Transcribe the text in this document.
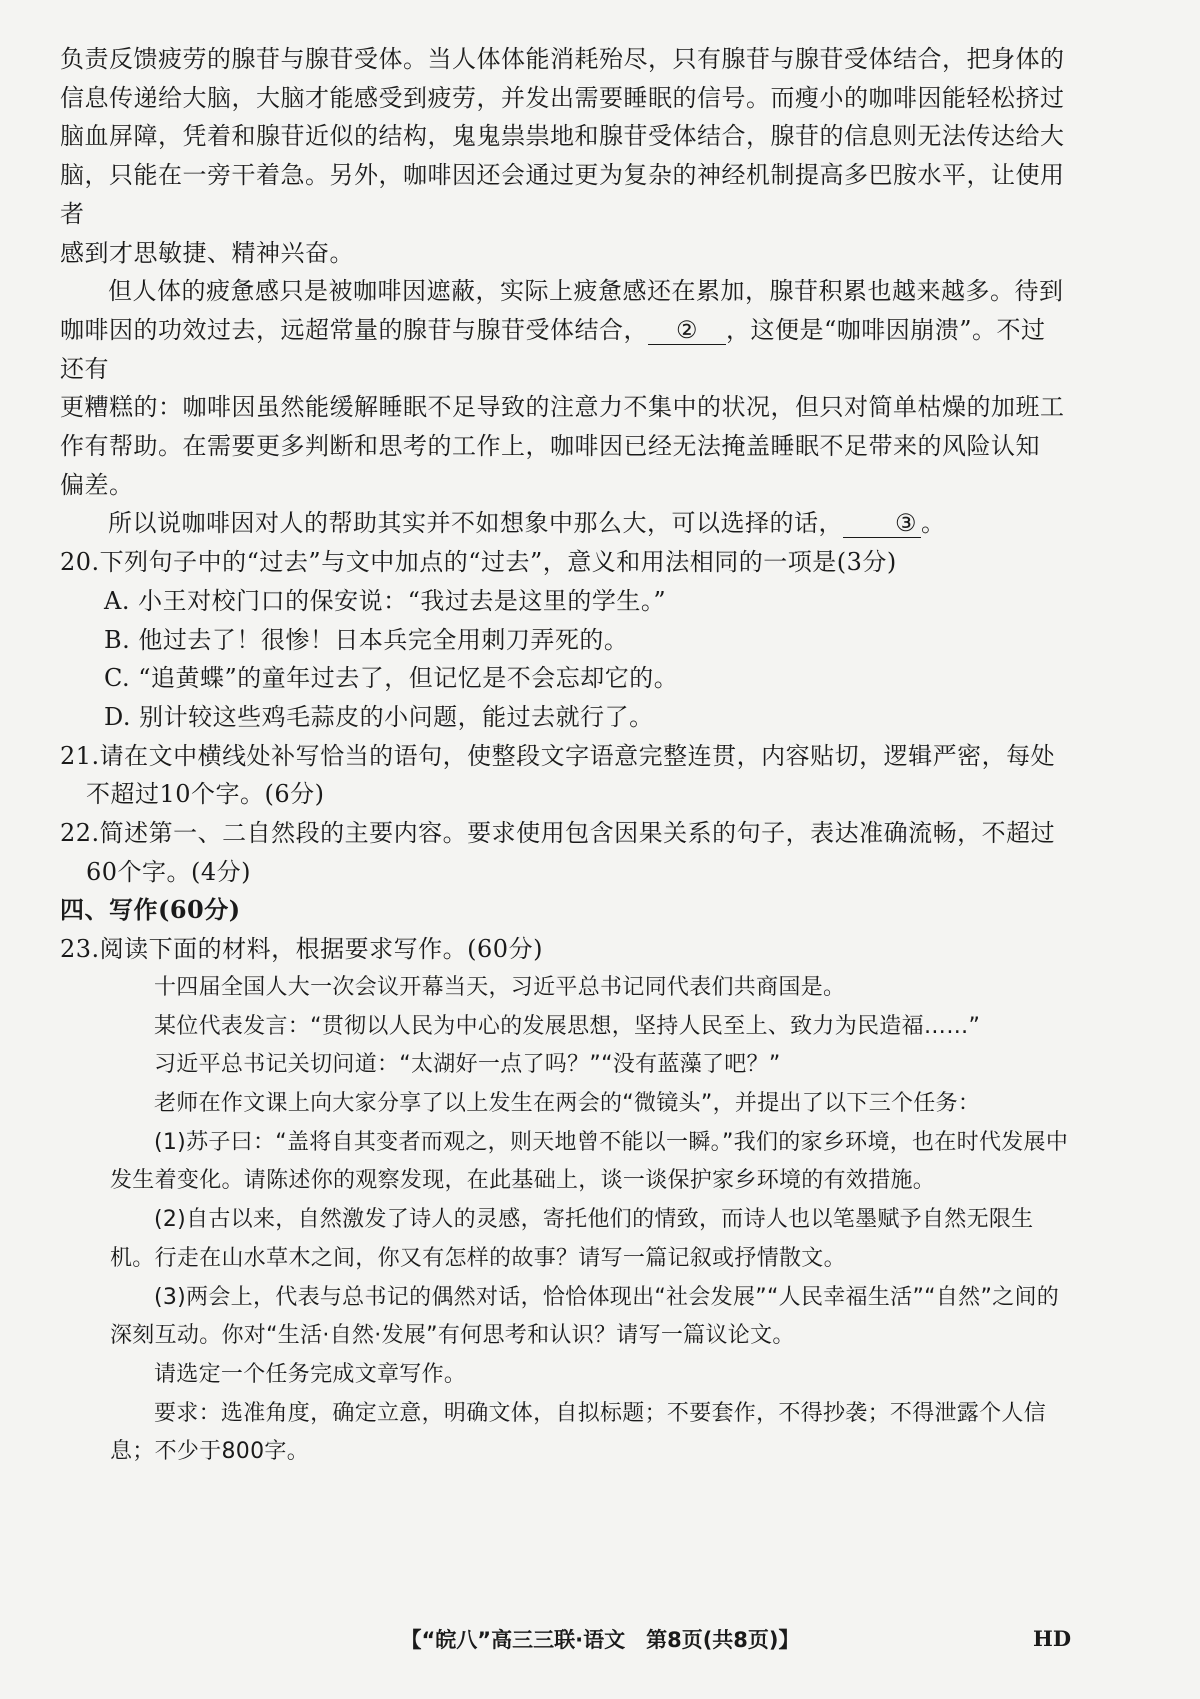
负责反馈疲劳的腺苷与腺苷受体。当人体体能消耗殆尽，只有腺苷与腺苷受体结合，把身体的

信息传递给大脑，大脑才能感受到疲劳，并发出需要睡眠的信号。而瘦小的咖啡因能轻松挤过

脑血屏障，凭着和腺苷近似的结构，鬼鬼祟祟地和腺苷受体结合，腺苷的信息则无法传达给大

脑，只能在一旁干着急。另外，咖啡因还会通过更为复杂的神经机制提高多巴胺水平，让使用者

感到才思敏捷、精神兴奋。

但人体的疲惫感只是被咖啡因遮蔽，实际上疲惫感还在累加，腺苷积累也越来越多。待到

咖啡因的功效过去，远超常量的腺苷与腺苷受体结合， ② ，这便是“咖啡因崩溃”。不过还有

更糟糕的：咖啡因虽然能缓解睡眠不足导致的注意力不集中的状况，但只对简单枯燥的加班工

作有帮助。在需要更多判断和思考的工作上，咖啡因已经无法掩盖睡眠不足带来的风险认知

偏差。

所以说咖啡因对人的帮助其实并不如想象中那么大，可以选择的话， ③ 。

20.下列句子中的“过去”与文中加点的“过去”，意义和用法相同的一项是(3分)

A. 小王对校门口的保安说：“我过去是这里的学生。”

B. 他过去了！很惨！日本兵完全用刺刀弄死的。

C. “追黄蝶”的童年过去了，但记忆是不会忘却它的。

D. 别计较这些鸡毛蒜皮的小问题，能过去就行了。

21.请在文中横线处补写恰当的语句，使整段文字语意完整连贯，内容贴切，逻辑严密，每处不超过10个字。(6分)

22.简述第一、二自然段的主要内容。要求使用包含因果关系的句子，表达准确流畅，不超过60个字。(4分)

四、写作(60分)

23.阅读下面的材料，根据要求写作。(60分)

十四届全国人大一次会议开幕当天，习近平总书记同代表们共商国是。

某位代表发言：“贯彻以人民为中心的发展思想，坚持人民至上、致力为民造福……”

习近平总书记关切问道：“太湖好一点了吗？”“没有蓝藻了吧？”

老师在作文课上向大家分享了以上发生在两会的“微镜头”，并提出了以下三个任务：

(1)苏子曰：“盖将自其变者而观之，则天地曾不能以一瞬。”我们的家乡环境，也在时代发展中发生着变化。请陈述你的观察发现，在此基础上，谈一谈保护家乡环境的有效措施。

(2)自古以来，自然激发了诗人的灵感，寄托他们的情致，而诗人也以笔墨赋予自然无限生机。行走在山水草木之间，你又有怎样的故事？请写一篇记叙或抒情散文。

(3)两会上，代表与总书记的偶然对话，恰恰体现出“社会发展”“人民幸福生活”“自然”之间的深刻互动。你对“生活·自然·发展”有何思考和认识？请写一篇议论文。

请选定一个任务完成文章写作。

要求：选准角度，确定立意，明确文体，自拟标题；不要套作，不得抄袭；不得泄露个人信息；不少于800字。

【“皖八”高三三联·语文　第8页(共8页)】	HD
